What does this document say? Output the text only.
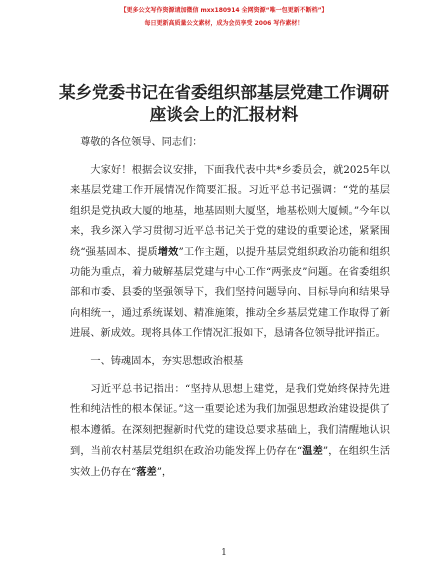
【更多公文写作资源请加微信 mxx180914 全网资源“唯一包更新不断档”】
每日更新高质量公文素材，成为会员享受 2006 写作素材！
某乡党委书记在省委组织部基层党建工作调研
座谈会上的汇报材料

尊敬的各位领导、同志们：

大家好！根据会议安排，下面我代表中共*乡委员会，就2025年以来基层党建工作开展情况作简要汇报。习近平总书记强调：“党的基层组织是党执政大厦的地基，地基固则大厦坚，地基松则大厦倾。”今年以来，我乡深入学习贯彻习近平总书记关于党的建设的重要论述，紧紧围绕“强基固本、提质增效”工作主题，以提升基层党组织政治功能和组织功能为重点，着力破解基层党建与中心工作“两张皮”问题。在省委组织部和市委、县委的坚强领导下，我们坚持问题导向、目标导向和结果导向相统一，通过系统谋划、精准施策，推动全乡基层党建工作取得了新进展、新成效。现将具体工作情况汇报如下，恳请各位领导批评指正。

一、铸魂固本，夯实思想政治根基

习近平总书记指出：“坚持从思想上建党，是我们党始终保持先进性和纯洁性的根本保证。”这一重要论述为我们加强思想政治建设提供了根本遵循。在深刻把握新时代党的建设总要求基础上，我们清醒地认识到，当前农村基层党组织在政治功能发挥上仍存在“温差”，在组织生活实效上仍存在“落差”，

1
